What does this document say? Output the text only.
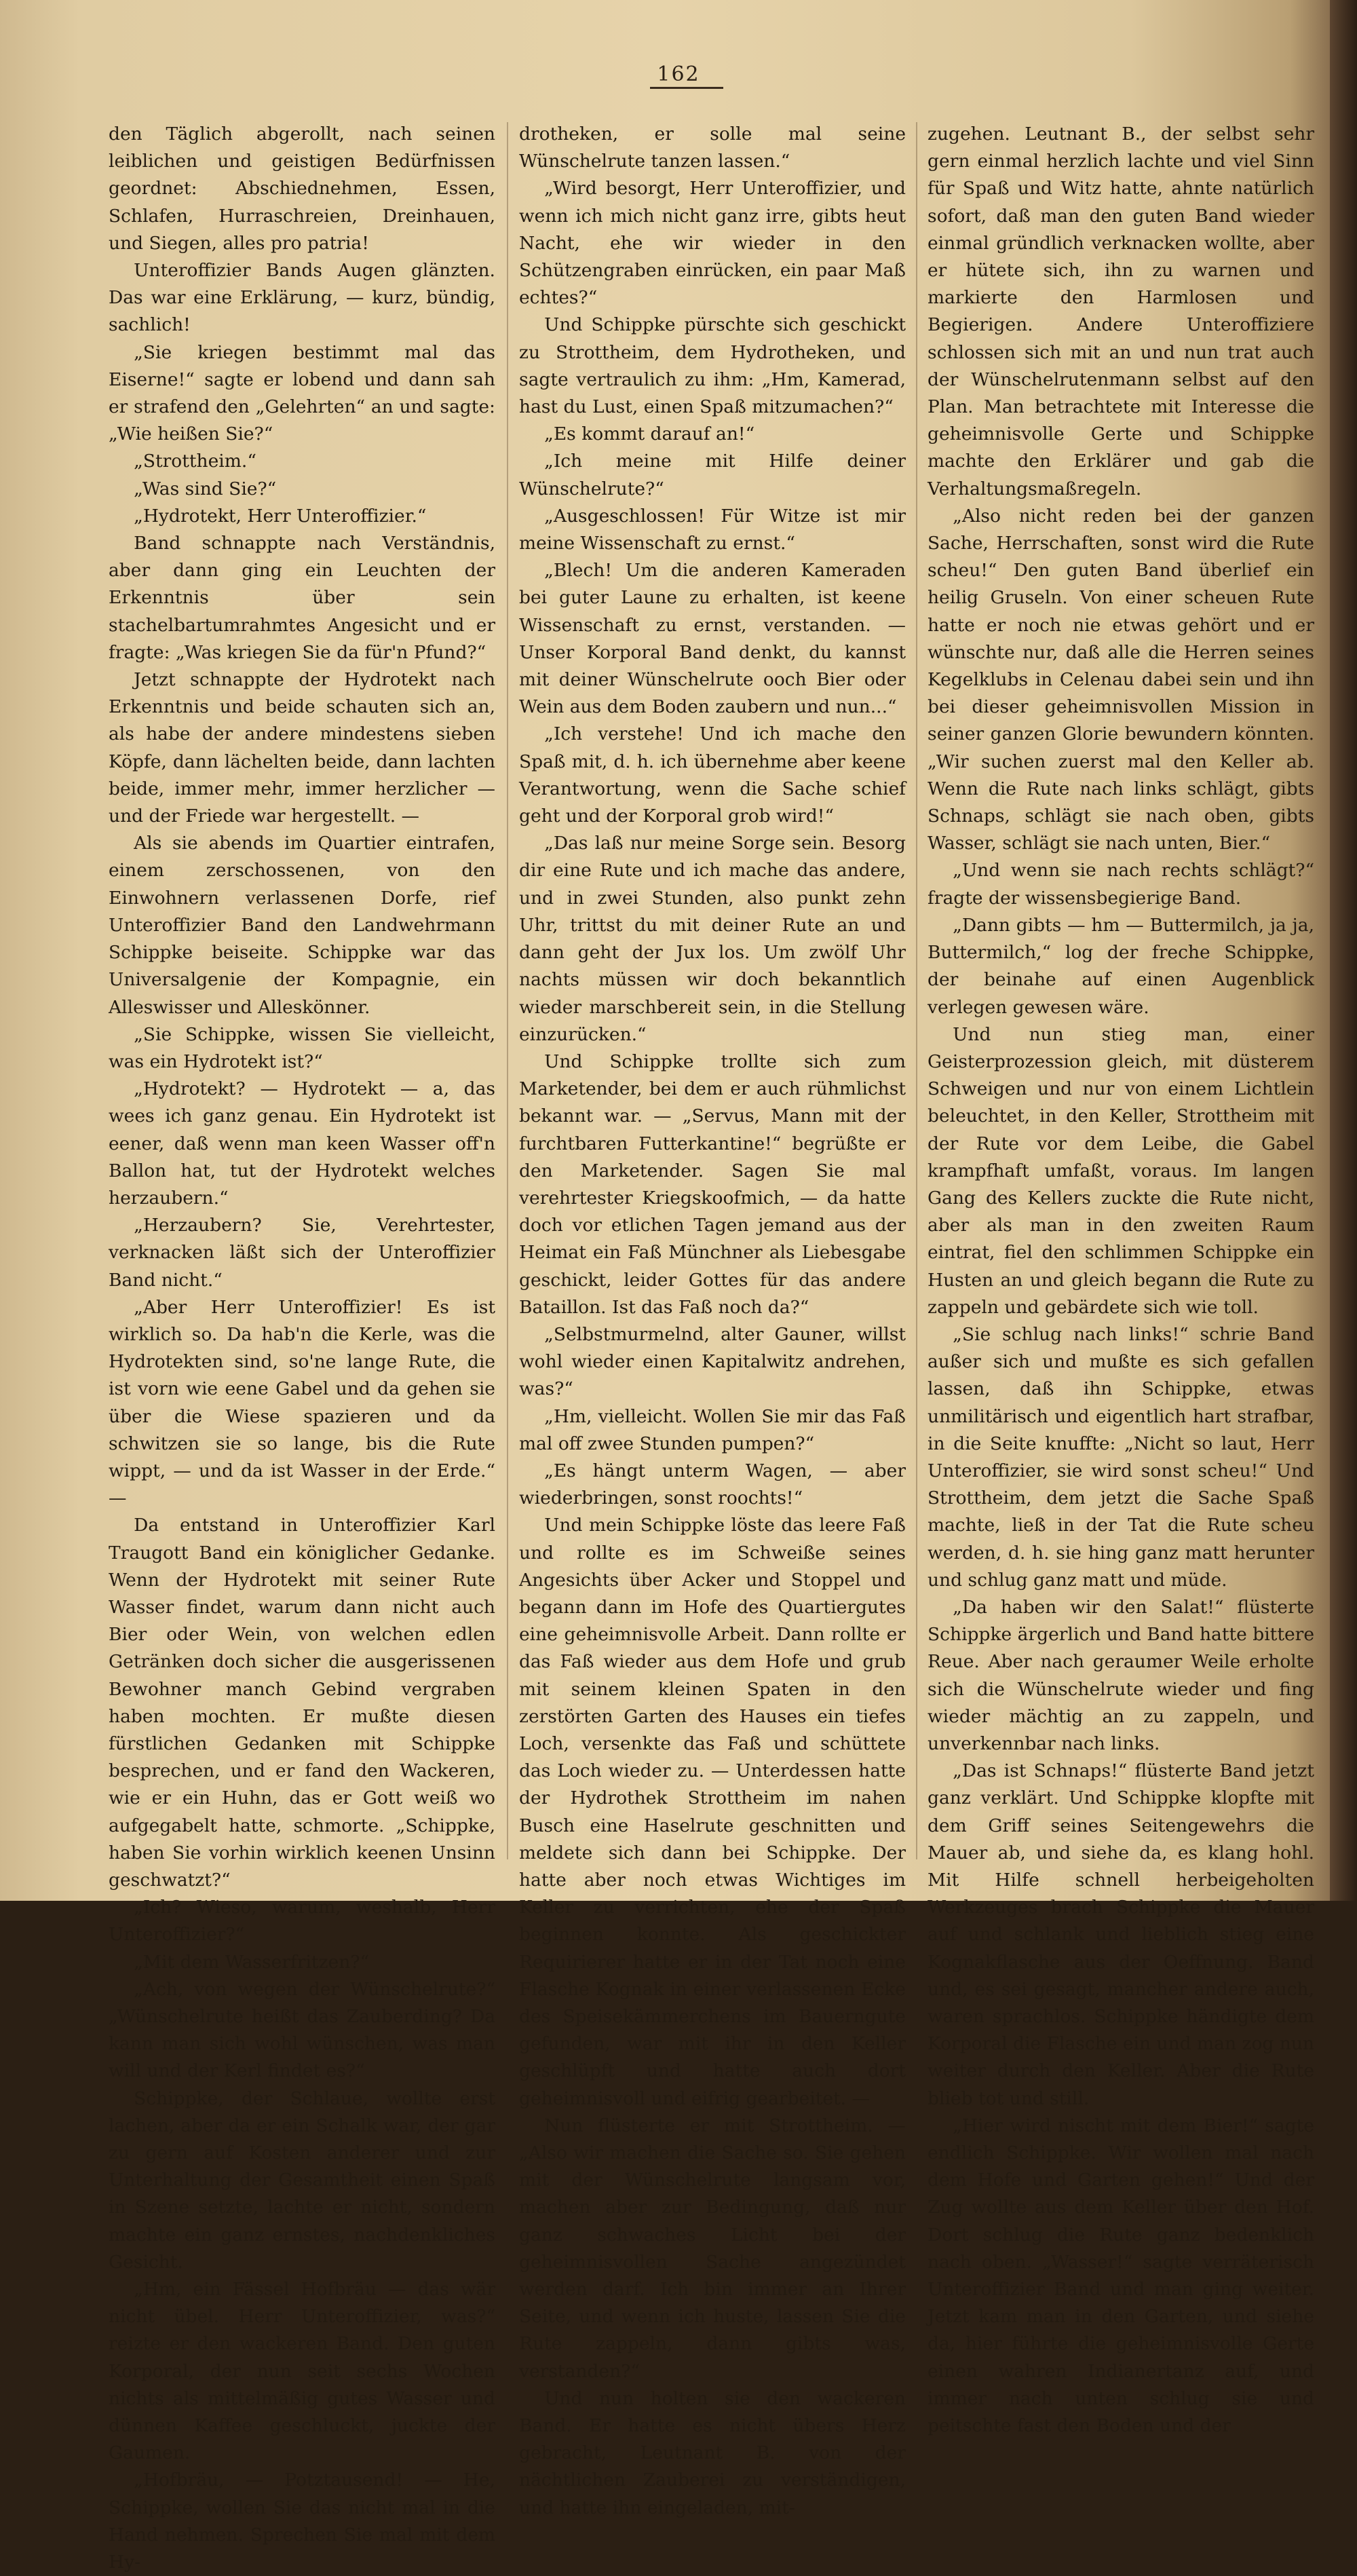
162

den Täglich abgerollt, nach seinen leiblichen und geistigen Bedürfnissen geordnet: Abschiednehmen, Essen, Schlafen, Hurraschreien, Dreinhauen, und Siegen, alles pro patria!

Unteroffizier Bands Augen glänzten. Das war eine Erklärung, — kurz, bündig, sachlich!

„Sie kriegen bestimmt mal das Eiserne!“ sagte er lobend und dann sah er strafend den „Gelehrten“ an und sagte: „Wie heißen Sie?“

„Strottheim.“

„Was sind Sie?“

„Hydrotekt, Herr Unteroffizier.“

Band schnappte nach Verständnis, aber dann ging ein Leuchten der Erkenntnis über sein stachelbartumrahmtes Angesicht und er fragte: „Was kriegen Sie da für'n Pfund?“

Jetzt schnappte der Hydrotekt nach Erkenntnis und beide schauten sich an, als habe der andere mindestens sieben Köpfe, dann lächelten beide, dann lachten beide, immer mehr, immer herzlicher — und der Friede war hergestellt. —

Als sie abends im Quartier eintrafen, einem zerschossenen, von den Einwohnern verlassenen Dorfe, rief Unteroffizier Band den Landwehrmann Schippke beiseite. Schippke war das Universalgenie der Kompagnie, ein Alleswisser und Alleskönner.

„Sie Schippke, wissen Sie vielleicht, was ein Hydrotekt ist?“

„Hydrotekt? — Hydrotekt — a, das wees ich ganz genau. Ein Hydrotekt ist eener, daß wenn man keen Wasser off'n Ballon hat, tut der Hydrotekt welches herzaubern.“

„Herzaubern? Sie, Verehrtester, verknacken läßt sich der Unteroffizier Band nicht.“

„Aber Herr Unteroffizier! Es ist wirklich so. Da hab'n die Kerle, was die Hydrotekten sind, so'ne lange Rute, die ist vorn wie eene Gabel und da gehen sie über die Wiese spazieren und da schwitzen sie so lange, bis die Rute wippt, — und da ist Wasser in der Erde.“ —

Da entstand in Unteroffizier Karl Traugott Band ein königlicher Gedanke. Wenn der Hydrotekt mit seiner Rute Wasser findet, warum dann nicht auch Bier oder Wein, von welchen edlen Getränken doch sicher die ausgerissenen Bewohner manch Gebind vergraben haben mochten. Er mußte diesen fürstlichen Gedanken mit Schippke besprechen, und er fand den Wackeren, wie er ein Huhn, das er Gott weiß wo aufgegabelt hatte, schmorte. „Schippke, haben Sie vorhin wirklich keenen Unsinn geschwatzt?“

„Ich? Wieso, warum, weshalb, Herr Unteroffizier?“

„Mit dem Wasserfritzen?“

„Ach, von wegen der Wünschelrute?“ „Wünschelrute heißt das Zauberding? Da kann man sich wohl wünschen, was man will und der Kerl findet es?“

Schippke, der Schlaue, wollte erst lachen, aber da er ein Schalk war, der gar zu gern auf Kosten anderer und zur Unterhaltung der Gesamtheit einen Spaß in Szene setzte, lachte er nicht, sondern machte ein ganz ernstes, nachdenkliches Gesicht.

„Hm, ein Fässel Hofbräu — das wär nicht übel. Herr Unteroffizier, was?“ reizte er den wackeren Band. Den guten Korporal, der nun seit sechs Wochen nichts als mittelmäßig gutes Wasser und dünnen Kaffee geschluckt, juckte der Gaumen.

„Hofbräu, — Potztausend! — He, Schippke, wollen Sie das nicht mal in die Hand nehmen. Sprechen Sie mal mit dem Hy-

drotheken, er solle mal seine Wünschelrute tanzen lassen.“

„Wird besorgt, Herr Unteroffizier, und wenn ich mich nicht ganz irre, gibts heut Nacht, ehe wir wieder in den Schützengraben einrücken, ein paar Maß echtes?“

Und Schippke pürschte sich geschickt zu Strottheim, dem Hydrotheken, und sagte vertraulich zu ihm: „Hm, Kamerad, hast du Lust, einen Spaß mitzumachen?“

„Es kommt darauf an!“

„Ich meine mit Hilfe deiner Wünschelrute?“

„Ausgeschlossen! Für Witze ist mir meine Wissenschaft zu ernst.“

„Blech! Um die anderen Kameraden bei guter Laune zu erhalten, ist keene Wissenschaft zu ernst, verstanden. — Unser Korporal Band denkt, du kannst mit deiner Wünschelrute ooch Bier oder Wein aus dem Boden zaubern und nun...“

„Ich verstehe! Und ich mache den Spaß mit, d. h. ich übernehme aber keene Verantwortung, wenn die Sache schief geht und der Korporal grob wird!“

„Das laß nur meine Sorge sein. Besorg dir eine Rute und ich mache das andere, und in zwei Stunden, also punkt zehn Uhr, trittst du mit deiner Rute an und dann geht der Jux los. Um zwölf Uhr nachts müssen wir doch bekanntlich wieder marschbereit sein, in die Stellung einzurücken.“

Und Schippke trollte sich zum Marketender, bei dem er auch rühmlichst bekannt war. — „Servus, Mann mit der furchtbaren Futterkantine!“ begrüßte er den Marketender. Sagen Sie mal verehrtester Kriegskoofmich, — da hatte doch vor etlichen Tagen jemand aus der Heimat ein Faß Münchner als Liebesgabe geschickt, leider Gottes für das andere Bataillon. Ist das Faß noch da?“

„Selbstmurmelnd, alter Gauner, willst wohl wieder einen Kapitalwitz andrehen, was?“

„Hm, vielleicht. Wollen Sie mir das Faß mal off zwee Stunden pumpen?“

„Es hängt unterm Wagen, — aber wiederbringen, sonst roochts!“

Und mein Schippke löste das leere Faß und rollte es im Schweiße seines Angesichts über Acker und Stoppel und begann dann im Hofe des Quartiergutes eine geheimnisvolle Arbeit. Dann rollte er das Faß wieder aus dem Hofe und grub mit seinem kleinen Spaten in den zerstörten Garten des Hauses ein tiefes Loch, versenkte das Faß und schüttete das Loch wieder zu. — Unterdessen hatte der Hydrothek Strottheim im nahen Busch eine Haselrute geschnitten und meldete sich dann bei Schippke. Der hatte aber noch etwas Wichtiges im Keller zu verrichten, ehe der Spaß beginnen konnte. Als geschickter Requirierer hatte er in der Tat noch eine Flasche Kognak in einer verlassenen Ecke des Speisekämmerchens im Bauerngute gefunden, war mit ihr in den Keller geschlüpft und hatte auch dort geheimnisvoll und eifrig gearbeitet. —

Nun flüsterte er mit Strottheim. — „Also wir machen die Sache so. Sie gehen mit der Wünschelrute langsam vor, machen aber zur Bedingung, daß nur ganz schwaches Licht bei der geheimnisvollen Sache angezündet werden darf. Ich bin immer an Ihrer Seite, und wenn ich huste, lassen Sie die Rute zappeln, dann gibts was, verstanden?“

Und nun holten sie den wackeren Band. Er hatte es nicht übers Herz gebracht, Leutnant B. von der nächtlichen Zauberei zu verständigen, und hatte ihn eingeladen, mit-

zugehen. Leutnant B., der selbst sehr gern einmal herzlich lachte und viel Sinn für Spaß und Witz hatte, ahnte natürlich sofort, daß man den guten Band wieder einmal gründlich verknacken wollte, aber er hütete sich, ihn zu warnen und markierte den Harmlosen und Begierigen. Andere Unteroffiziere schlossen sich mit an und nun trat auch der Wünschelrutenmann selbst auf den Plan. Man betrachtete mit Interesse die geheimnisvolle Gerte und Schippke machte den Erklärer und gab die Verhaltungsmaßregeln.

„Also nicht reden bei der ganzen Sache, Herrschaften, sonst wird die Rute scheu!“ Den guten Band überlief ein heilig Gruseln. Von einer scheuen Rute hatte er noch nie etwas gehört und er wünschte nur, daß alle die Herren seines Kegelklubs in Celenau dabei sein und ihn bei dieser geheimnisvollen Mission in seiner ganzen Glorie bewundern könnten. „Wir suchen zuerst mal den Keller ab. Wenn die Rute nach links schlägt, gibts Schnaps, schlägt sie nach oben, gibts Wasser, schlägt sie nach unten, Bier.“

„Und wenn sie nach rechts schlägt?“ fragte der wissensbegierige Band.

„Dann gibts — hm — Buttermilch, ja ja, Buttermilch,“ log der freche Schippke, der beinahe auf einen Augenblick verlegen gewesen wäre.

Und nun stieg man, einer Geisterprozession gleich, mit düsterem Schweigen und nur von einem Lichtlein beleuchtet, in den Keller, Strottheim mit der Rute vor dem Leibe, die Gabel krampfhaft umfaßt, voraus. Im langen Gang des Kellers zuckte die Rute nicht, aber als man in den zweiten Raum eintrat, fiel den schlimmen Schippke ein Husten an und gleich begann die Rute zu zappeln und gebärdete sich wie toll.

„Sie schlug nach links!“ schrie Band außer sich und mußte es sich gefallen lassen, daß ihn Schippke, etwas unmilitärisch und eigentlich hart strafbar, in die Seite knuffte: „Nicht so laut, Herr Unteroffizier, sie wird sonst scheu!“ Und Strottheim, dem jetzt die Sache Spaß machte, ließ in der Tat die Rute scheu werden, d. h. sie hing ganz matt herunter und schlug ganz matt und müde.

„Da haben wir den Salat!“ flüsterte Schippke ärgerlich und Band hatte bittere Reue. Aber nach geraumer Weile erholte sich die Wünschelrute wieder und fing wieder mächtig an zu zappeln, und unverkennbar nach links.

„Das ist Schnaps!“ flüsterte Band jetzt ganz verklärt. Und Schippke klopfte mit dem Griff seines Seitengewehrs die Mauer ab, und siehe da, es klang hohl. Mit Hilfe schnell herbeigeholten Werkzeuges brach Schippke die Mauer auf und schlank und lieblich stieg eine Kognakflasche aus der Oeffnung. Band und, es sei gesagt, mancher andere auch, waren sprachlos. Schippke händigte dem Korporal die Flasche ein und man zog nun weiter durch den Keller. Aber die Rute blieb tot und still.

„Hier wird nischt mit dem Bier!“ sagte endlich Schippke. Wir wollen mal nach dem Hofe und Garten gehen!“ Und der Zug wollte aus dem Keller über den Hof. Dort schlug die Rute ganz bedenklich nach oben. „Wasser!“ sagte verräterisch Unteroffizier Band und man ging weiter. Jetzt kam man in den Garten, und siehe da, hier führte die geheimnisvolle Gerte einen wahren Indianertanz auf, und immer nach unten schlug sie und peitschte fast den Boden und der
